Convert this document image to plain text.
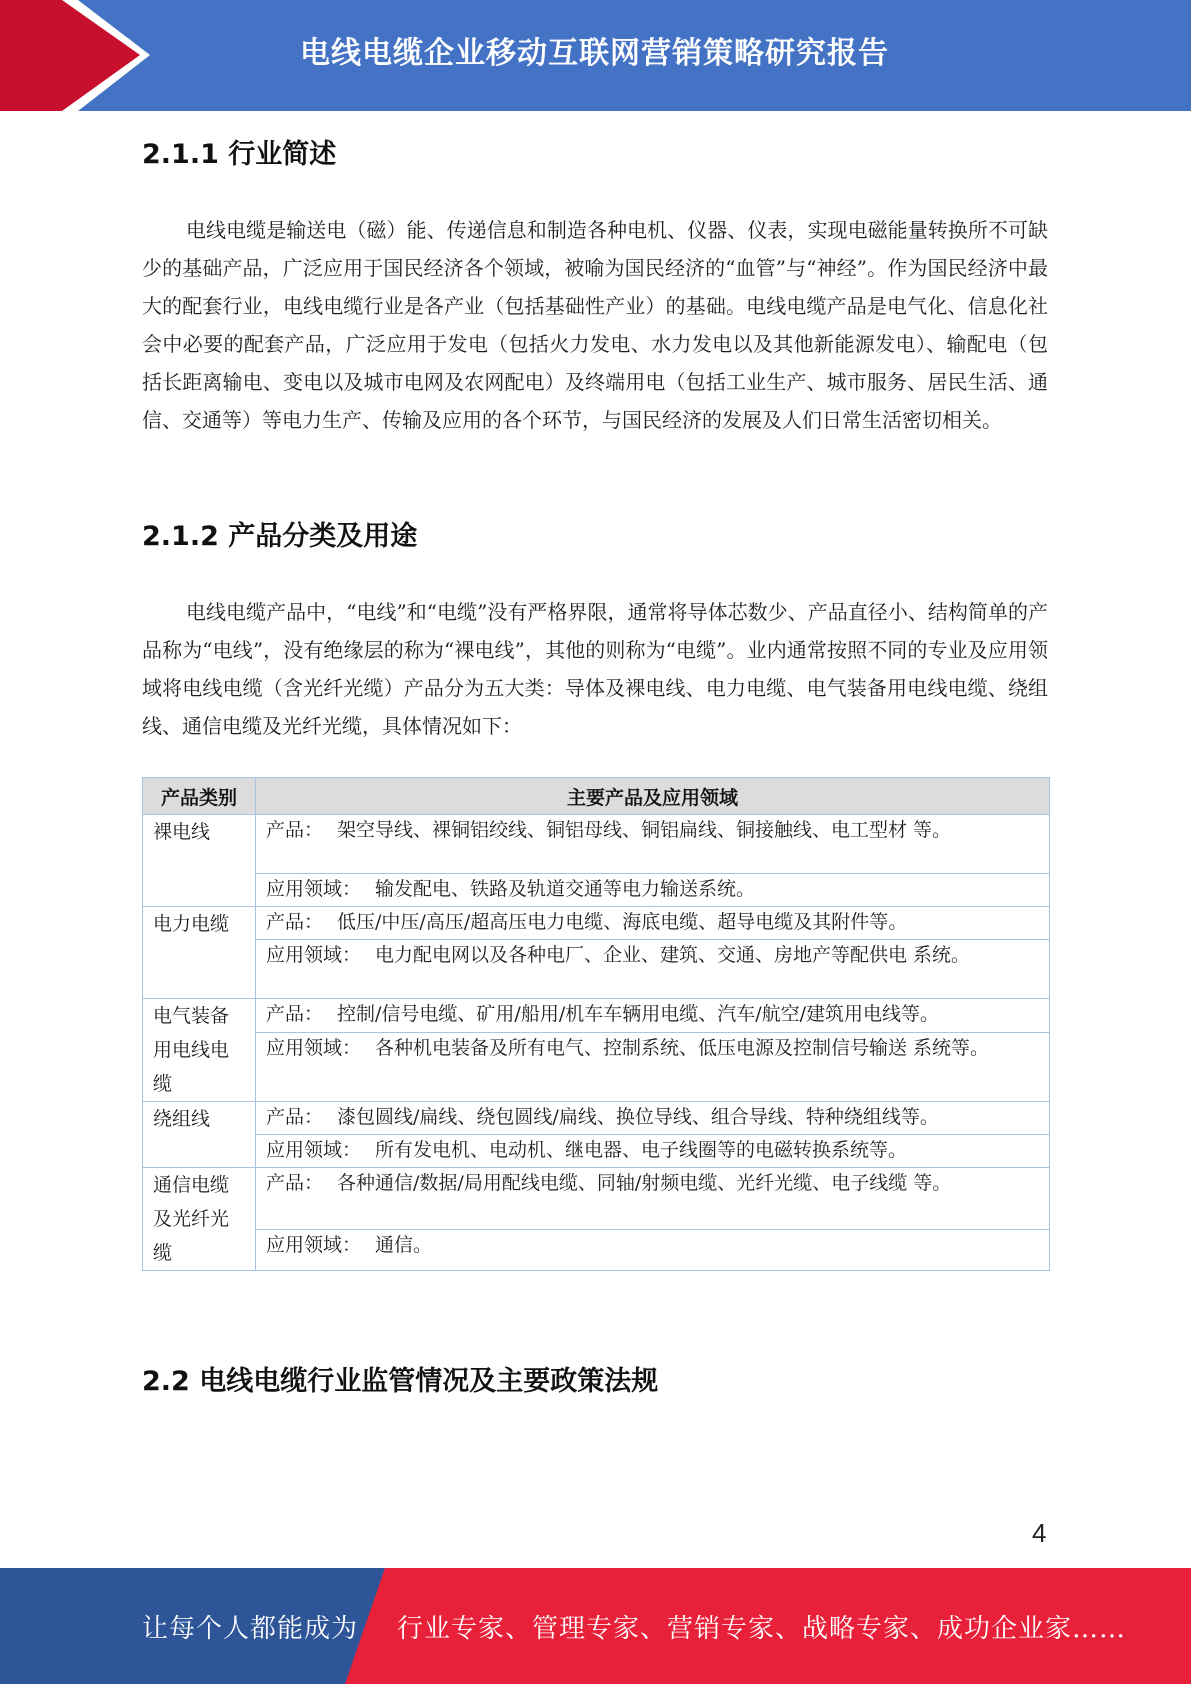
电线电缆企业移动互联网营销策略研究报告
2.1.1 行业简述

电线电缆是输送电（磁）能、传递信息和制造各种电机、仪器、仪表，实现电磁能量转换所不可缺少的基础产品，广泛应用于国民经济各个领域，被喻为国民经济的“血管”与“神经”。作为国民经济中最大的配套行业，电线电缆行业是各产业（包括基础性产业）的基础。电线电缆产品是电气化、信息化社会中必要的配套产品，广泛应用于发电（包括火力发电、水力发电以及其他新能源发电）、输配电（包括长距离输电、变电以及城市电网及农网配电）及终端用电（包括工业生产、城市服务、居民生活、通信、交通等）等电力生产、传输及应用的各个环节，与国民经济的发展及人们日常生活密切相关。

2.1.2 产品分类及用途

电线电缆产品中，“电线”和“电缆”没有严格界限，通常将导体芯数少、产品直径小、结构简单的产品称为“电线”，没有绝缘层的称为“裸电线”，其他的则称为“电缆”。业内通常按照不同的专业及应用领域将电线电缆（含光纤光缆）产品分为五大类：导体及裸电线、电力电缆、电气装备用电线电缆、绕组线、通信电缆及光纤光缆，具体情况如下：

产品类别	主要产品及应用领域
裸电线	产品： 架空导线、裸铜铝绞线、铜铝母线、铜铝扁线、铜接触线、电工型材 等。
	应用领域： 输发配电、铁路及轨道交通等电力输送系统。
电力电缆	产品： 低压/中压/高压/超高压电力电缆、海底电缆、超导电缆及其附件等。
	应用领域： 电力配电网以及各种电厂、企业、建筑、交通、房地产等配供电 系统。
电气装备用电线电缆	产品： 控制/信号电缆、矿用/船用/机车车辆用电缆、汽车/航空/建筑用电线等。
	应用领域： 各种机电装备及所有电气、控制系统、低压电源及控制信号输送 系统等。
绕组线	产品： 漆包圆线/扁线、绕包圆线/扁线、换位导线、组合导线、特种绕组线等。
	应用领域： 所有发电机、电动机、继电器、电子线圈等的电磁转换系统等。
通信电缆及光纤光缆	产品： 各种通信/数据/局用配线电缆、同轴/射频电缆、光纤光缆、电子线缆 等。
	应用领域： 通信。
2.2 电线电缆行业监管情况及主要政策法规
4
让每个人都能成为 行业专家、管理专家、营销专家、战略专家、成功企业家……
